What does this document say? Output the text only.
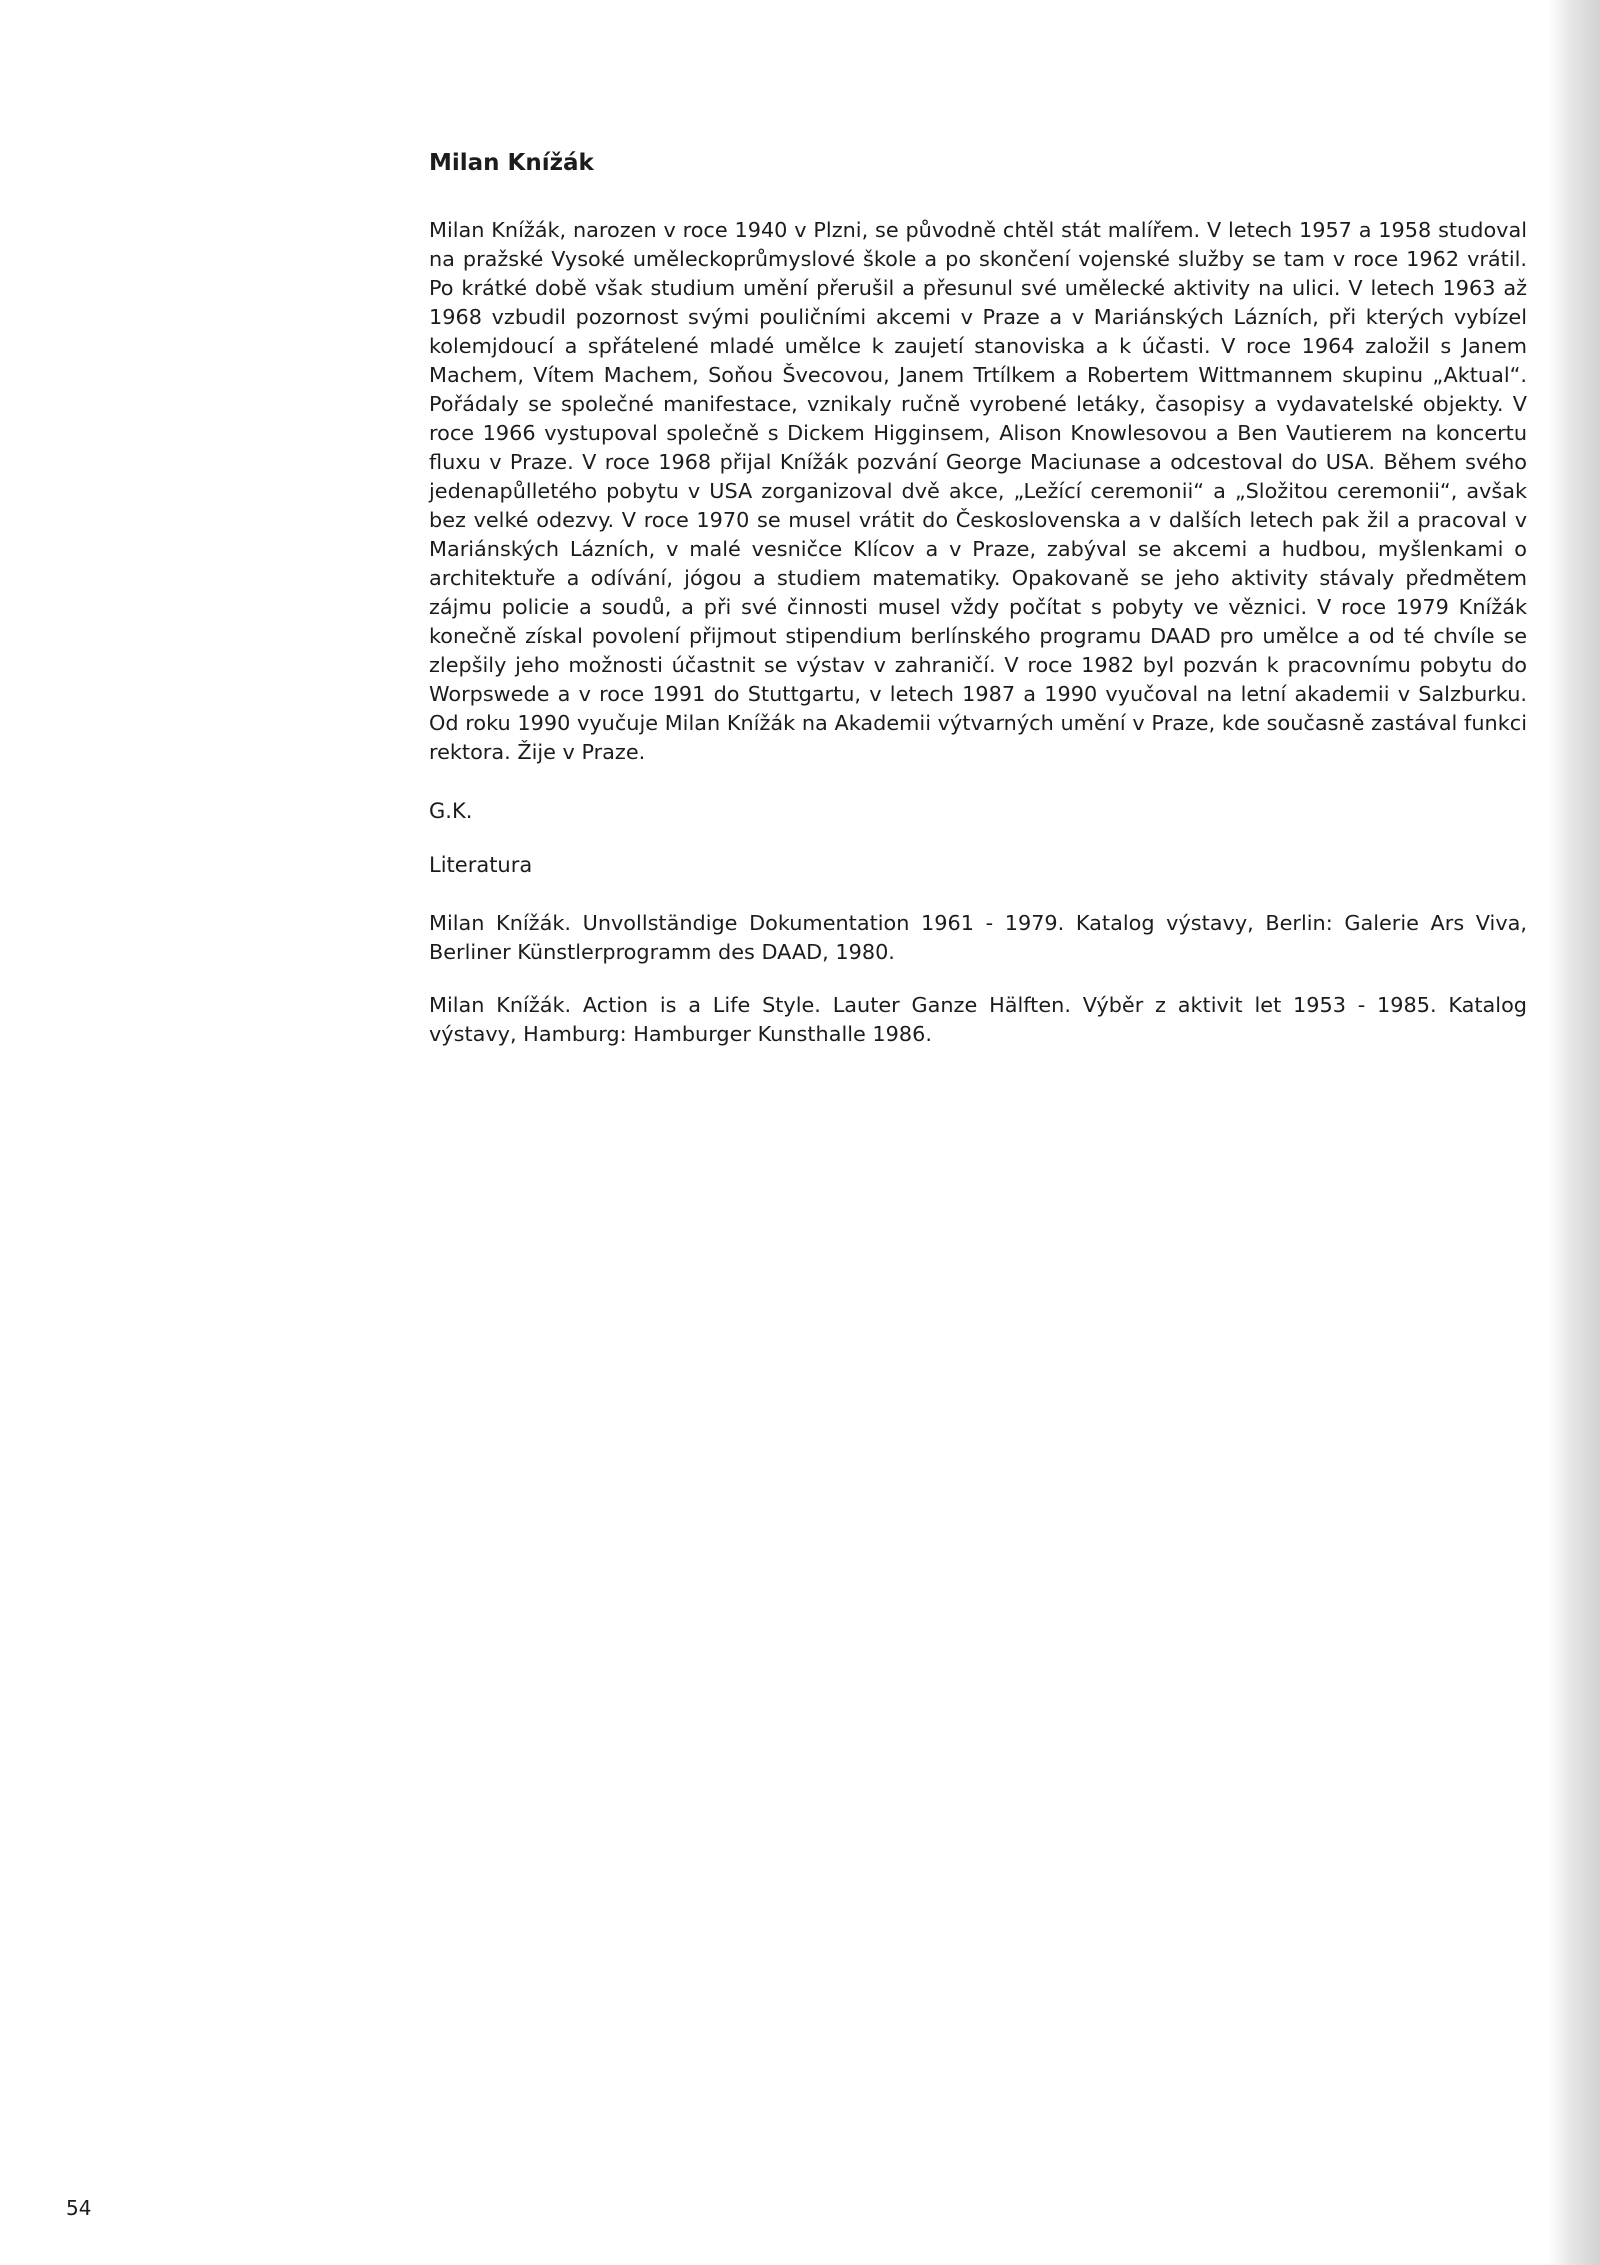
Milan Knížák

Milan Knížák, narozen v roce 1940 v Plzni, se původně chtěl stát malířem. V letech 1957 a 1958 studoval na pražské Vysoké uměleckoprůmyslové škole a po skončení vojenské služby se tam v roce 1962 vrátil. Po krátké době však studium umění přerušil a přesunul své umělecké aktivity na ulici. V letech 1963 až 1968 vzbudil pozornost svými pouličními akcemi v Praze a v Mariánských Lázních, při kterých vybízel kolemjdoucí a spřátelené mladé umělce k zaujetí stanoviska a k účasti. V roce 1964 založil s Janem Machem, Vítem Machem, Soňou Švecovou, Janem Trtílkem a Robertem Wittmannem skupinu „Aktual“. Pořádaly se společné manifestace, vznikaly ručně vyrobené letáky, časopisy a vydavatelské objekty. V roce 1966 vystupoval společně s Dickem Higginsem, Alison Knowlesovou a Ben Vautierem na koncertu fluxu v Praze. V roce 1968 přijal Knížák pozvání George Maciunase a odcestoval do USA. Během svého jedenapůlletého pobytu v USA zorganizoval dvě akce, „Ležící ceremonii“ a „Složitou ceremonii“, avšak bez velké odezvy. V roce 1970 se musel vrátit do Československa a v dalších letech pak žil a pracoval v Mariánských Lázních, v malé vesničce Klícov a v Praze, zabýval se akcemi a hudbou, myšlenkami o architektuře a odívání, jógou a studiem matematiky. Opakovaně se jeho aktivity stávaly předmětem zájmu policie a soudů, a při své činnosti musel vždy počítat s pobyty ve věznici. V roce 1979 Knížák konečně získal povolení přijmout stipendium berlínského programu DAAD pro umělce a od té chvíle se zlepšily jeho možnosti účastnit se výstav v zahraničí. V roce 1982 byl pozván k pracovnímu pobytu do Worpswede a v roce 1991 do Stuttgartu, v letech 1987 a 1990 vyučoval na letní akademii v Salzburku. Od roku 1990 vyučuje Milan Knížák na Akademii výtvarných umění v Praze, kde současně zastával funkci rektora. Žije v Praze.

G.K.

Literatura

Milan Knížák. Unvollständige Dokumentation 1961 - 1979. Katalog výstavy, Berlin: Galerie Ars Viva, Berliner Künstlerprogramm des DAAD, 1980.

Milan Knížák. Action is a Life Style. Lauter Ganze Hälften. Výběr z aktivit let 1953 - 1985. Katalog výstavy, Hamburg: Hamburger Kunsthalle 1986.

54
